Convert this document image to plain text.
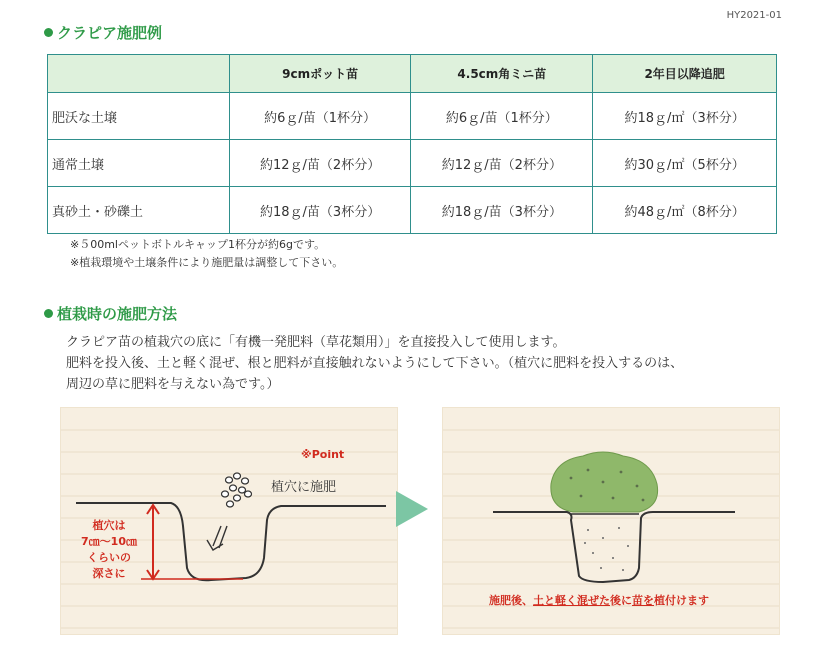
HY2021-01
クラピア施肥例
	9cmポット苗	4.5cm角ミニ苗	2年目以降追肥
肥沃な土壌	約6ｇ/苗（1杯分）	約6ｇ/苗（1杯分）	約18ｇ/㎡（3杯分）
通常土壌	約12ｇ/苗（2杯分）	約12ｇ/苗（2杯分）	約30ｇ/㎡（5杯分）
真砂土・砂礫土	約18ｇ/苗（3杯分）	約18ｇ/苗（3杯分）	約48ｇ/㎡（8杯分）
※５00mlペットボトルキャップ1杯分が約6gです。
※植栽環境や土壌条件により施肥量は調整して下さい。
植栽時の施肥方法
クラピア苗の植栽穴の底に「有機一発肥料（草花類用）」を直接投入して使用します。
肥料を投入後、土と軽く混ぜ、根と肥料が直接触れないようにして下さい。（植穴に肥料を投入するのは、
周辺の草に肥料を与えない為です。）
※Point
植穴に施肥
植穴は
7㎝〜10㎝
くらいの
深さに
施肥後、土と軽く混ぜた後に苗を植付けます
